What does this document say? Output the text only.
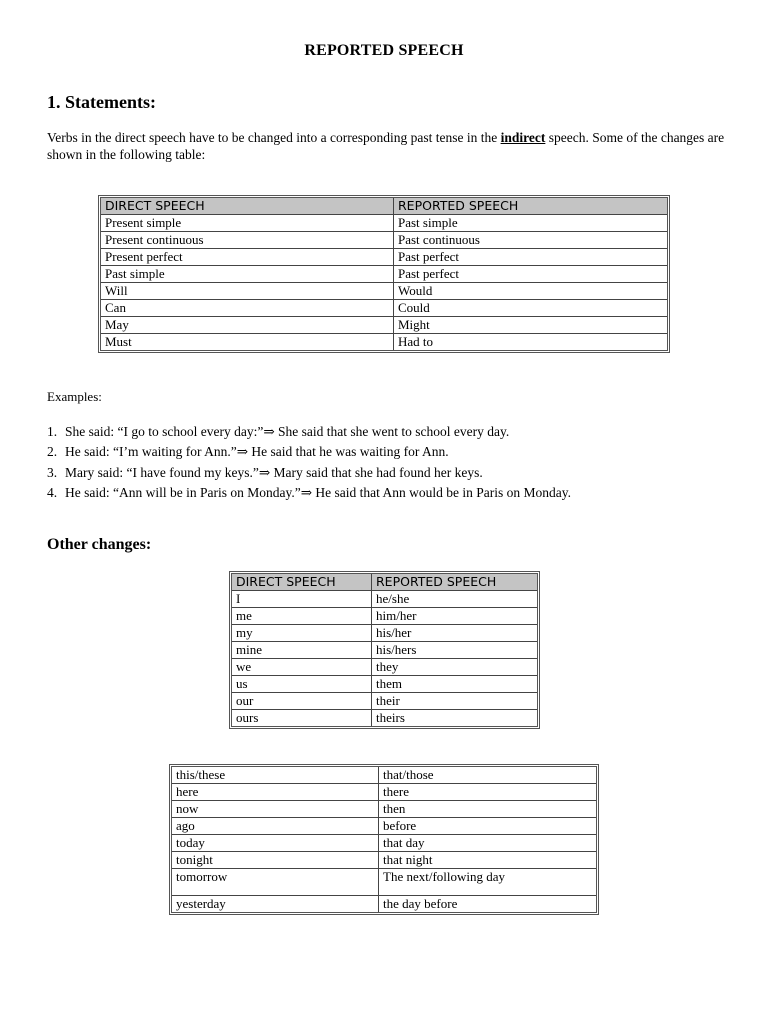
REPORTED SPEECH
1. Statements:
Verbs in the direct speech have to be changed into a corresponding past tense in the indirect speech. Some of the changes are shown in the following table:
DIRECT SPEECH	REPORTED SPEECH
Present simple	Past simple
Present continuous	Past continuous
Present perfect	Past perfect
Past simple	Past perfect
Will	Would
Can	Could
May	Might
Must	Had to
Examples:
1. She said: “I go to school every day:”⇒ She said that she went to school every day.
2. He said: “I’m waiting for Ann.”⇒ He said that he was waiting for Ann.
3. Mary said: “I have found my keys.”⇒ Mary said that she had found her keys.
4. He said: “Ann will be in Paris on Monday.”⇒ He said that Ann would be in Paris on Monday.
Other changes:
DIRECT SPEECH	REPORTED SPEECH
I	he/she
me	him/her
my	his/her
mine	his/hers
we	they
us	them
our	their
ours	theirs
this/these	that/those
here	there
now	then
ago	before
today	that day
tonight	that night
tomorrow	The next/following day
yesterday	the day before
